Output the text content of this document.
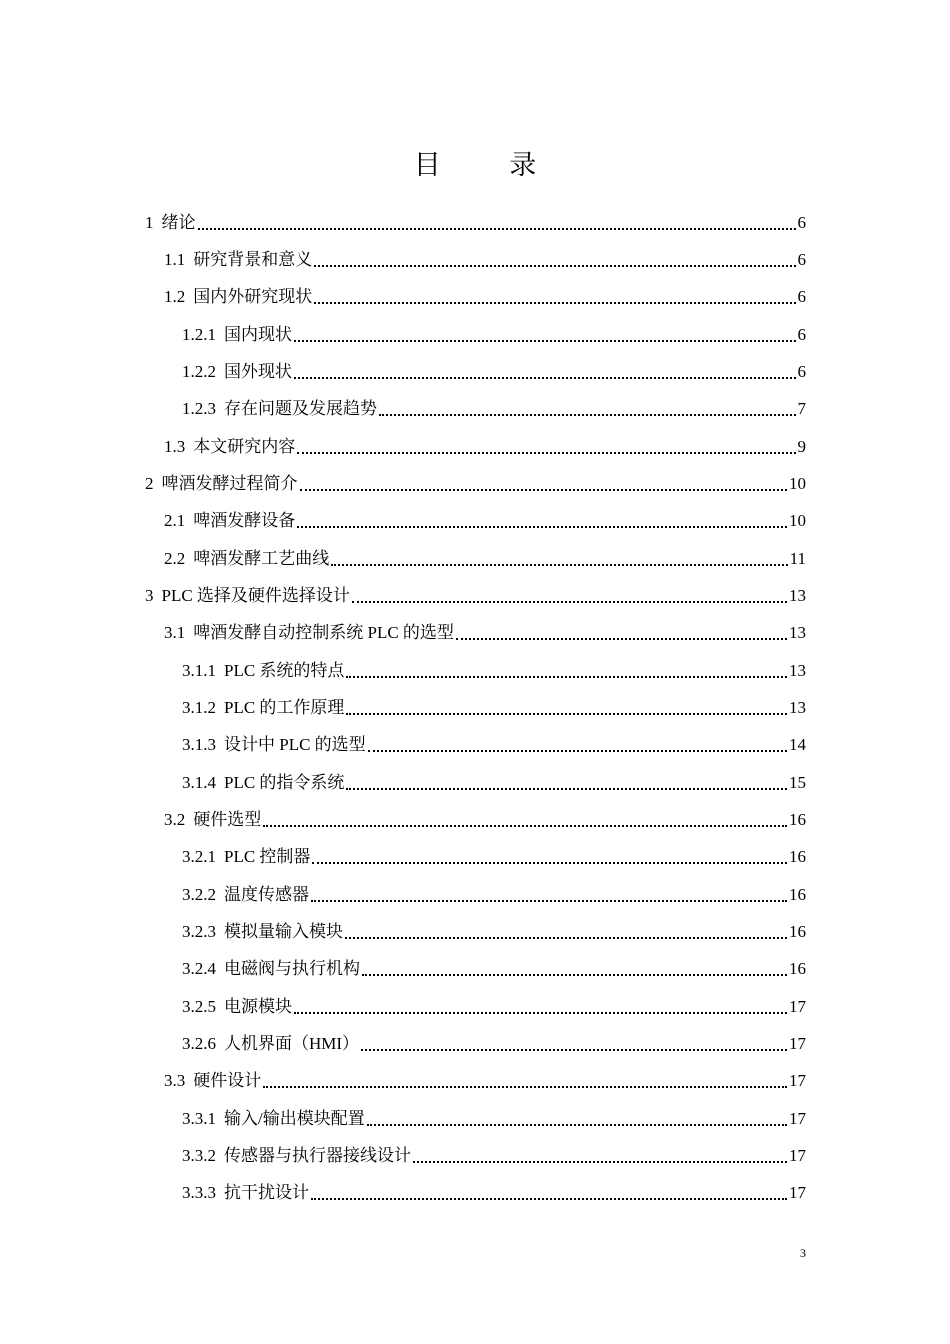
目 录
1 绪论	6
1.1 研究背景和意义	6
1.2 国内外研究现状	6
1.2.1 国内现状	6
1.2.2 国外现状	6
1.2.3 存在问题及发展趋势	7
1.3 本文研究内容	9
2 啤酒发酵过程简介	10
2.1 啤酒发酵设备	10
2.2 啤酒发酵工艺曲线	11
3 PLC 选择及硬件选择设计	13
3.1 啤酒发酵自动控制系统 PLC 的选型	13
3.1.1 PLC 系统的特点	13
3.1.2 PLC 的工作原理	13
3.1.3 设计中 PLC 的选型	14
3.1.4 PLC 的指令系统	15
3.2 硬件选型	16
3.2.1 PLC 控制器	16
3.2.2 温度传感器	16
3.2.3 模拟量输入模块	16
3.2.4 电磁阀与执行机构	16
3.2.5 电源模块	17
3.2.6 人机界面（HMI）	17
3.3 硬件设计	17
3.3.1 输入/输出模块配置	17
3.3.2 传感器与执行器接线设计	17
3.3.3 抗干扰设计	17
3
